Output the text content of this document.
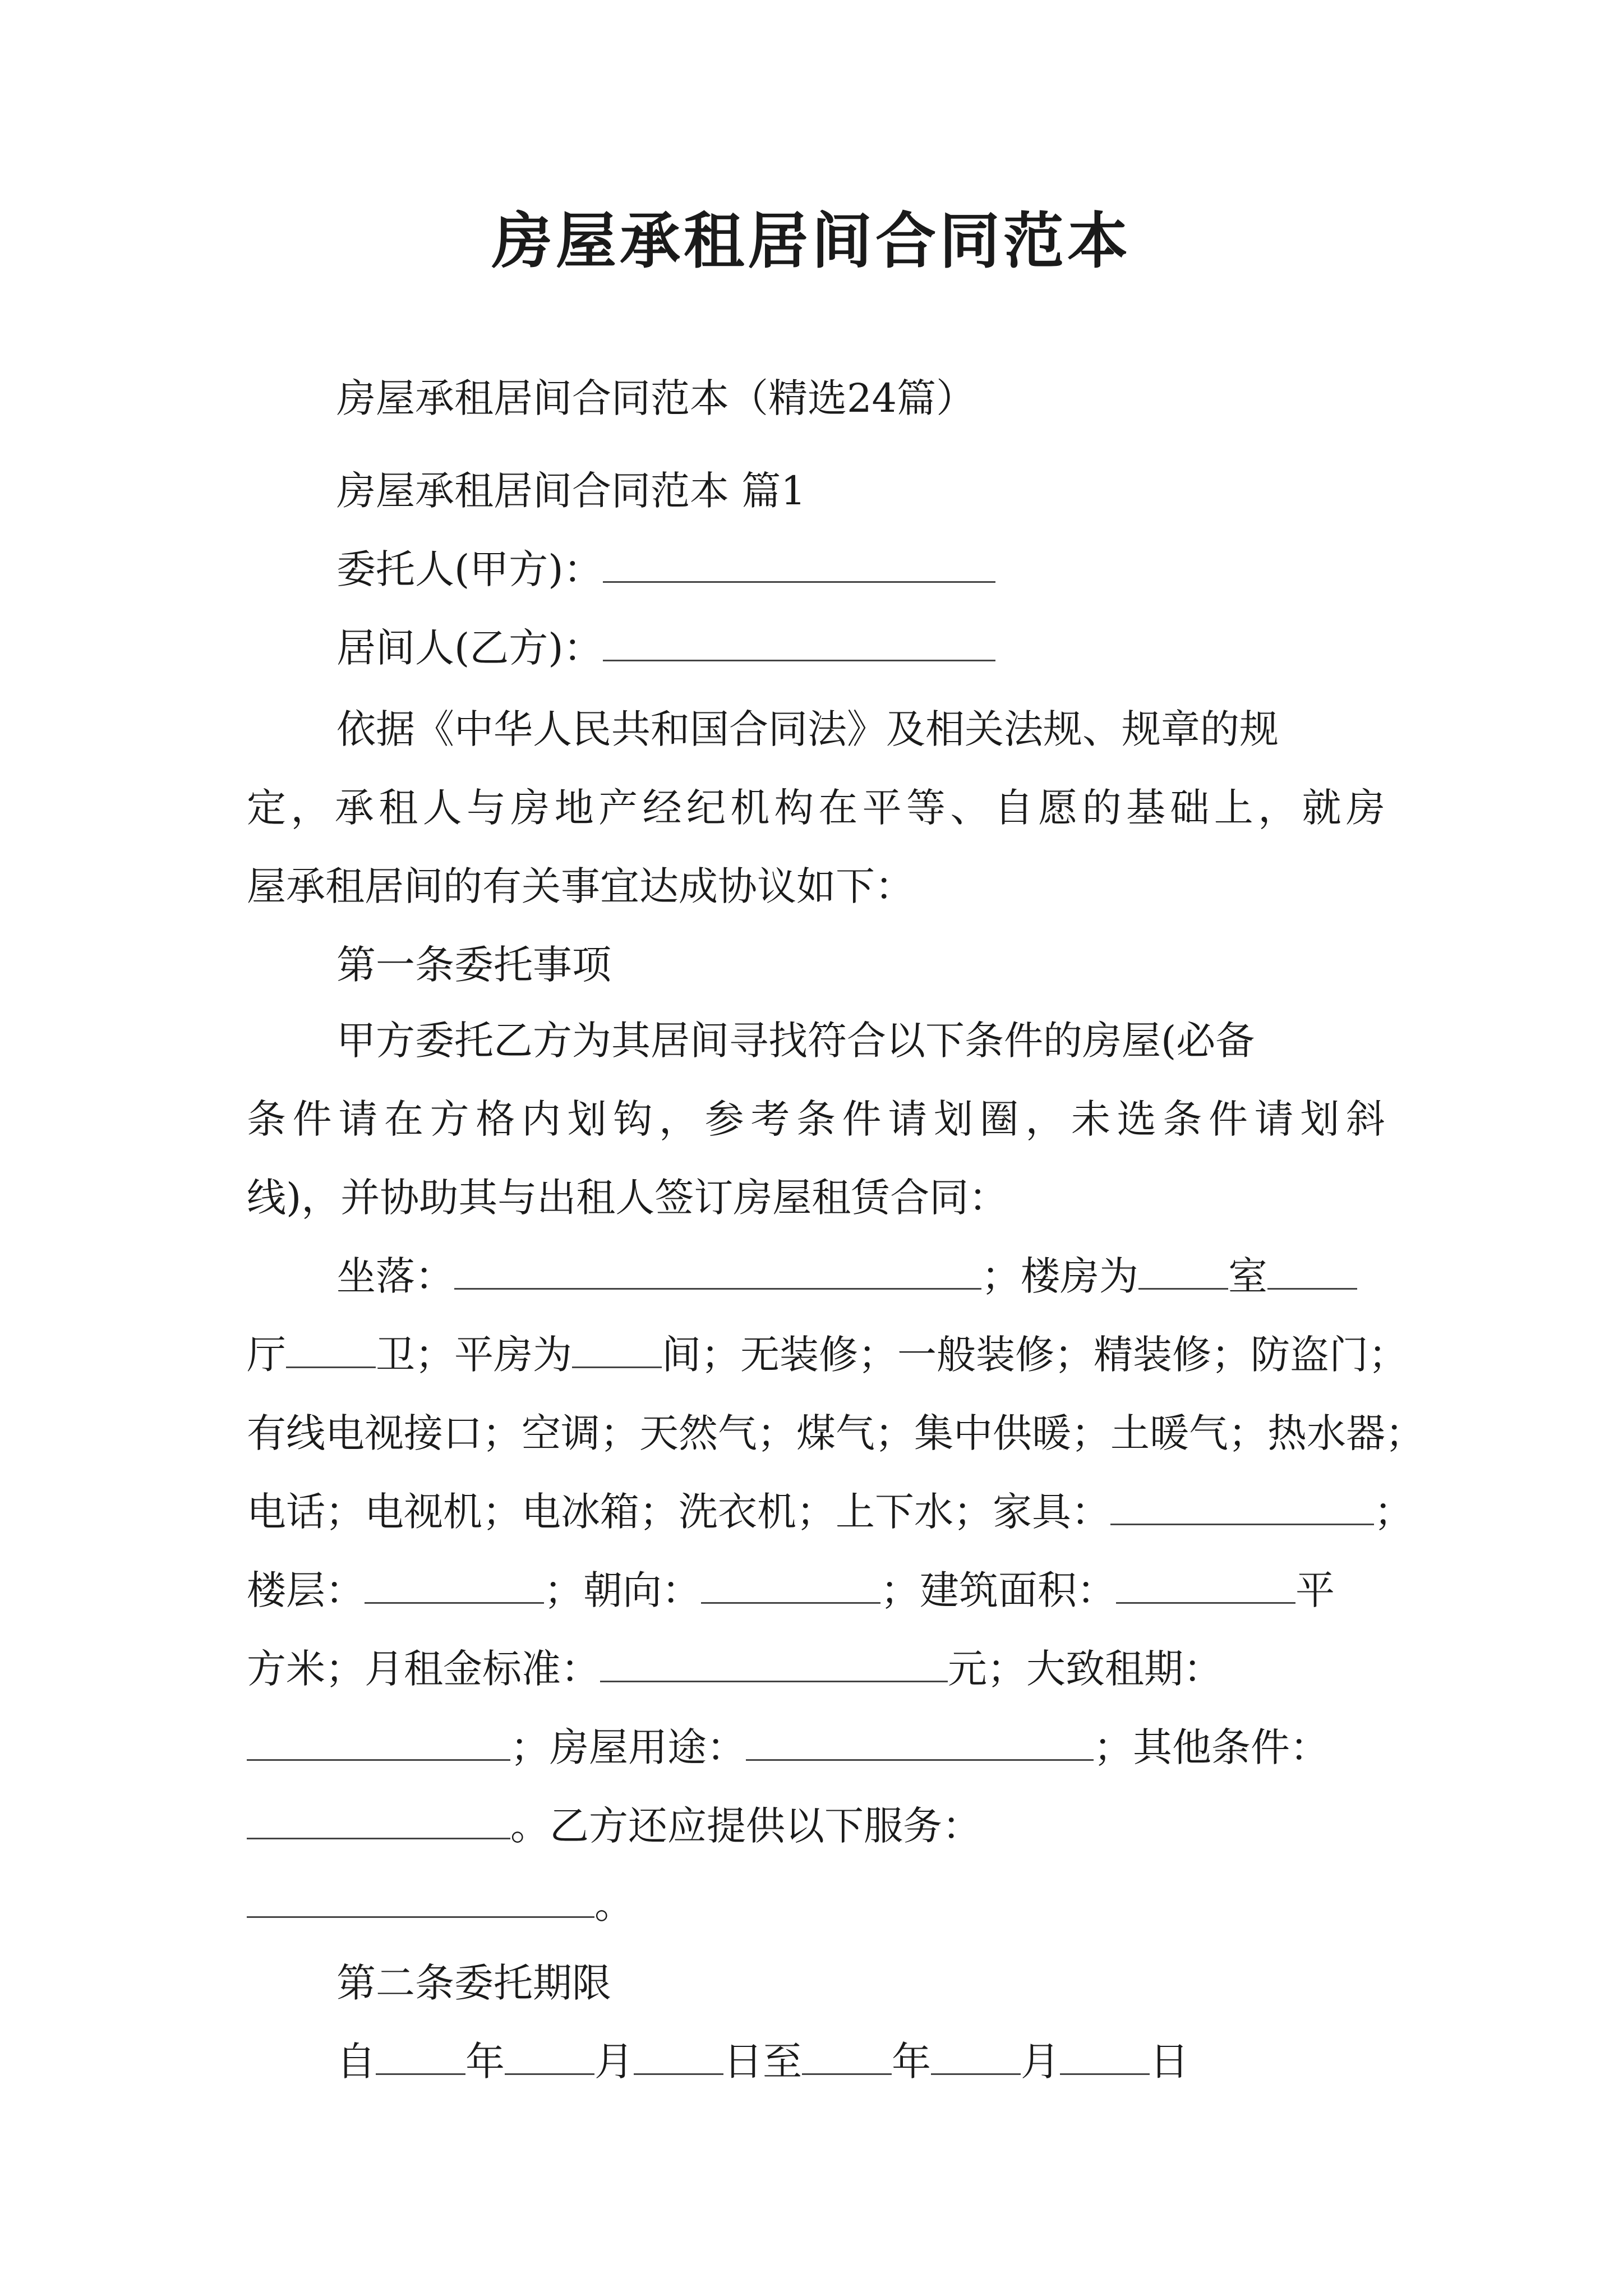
房屋承租居间合同范本
房屋承租居间合同范本（精选24篇）
房屋承租居间合同范本 篇1
委托人(甲方)：
居间人(乙方)：
依据《中华人民共和国合同法》及相关法规、规章的规
定，承租人与房地产经纪机构在平等、自愿的基础上，就房
屋承租居间的有关事宜达成协议如下：
第一条委托事项
甲方委托乙方为其居间寻找符合以下条件的房屋(必备
条件请在方格内划钩，参考条件请划圈，未选条件请划斜
线)，并协助其与出租人签订房屋租赁合同：
坐落：	；楼房为 室
厅 卫；平房为 间；无装修；一般装修；精装修；防盗门；
有线电视接口；空调；天然气；煤气；集中供暖；土暖气；热水器；
电话；电视机；电冰箱；洗衣机；上下水；家具：	；
楼层：	；朝向：	；建筑面积：	平
方米；月租金标准：	元；大致租期：
；房屋用途：	；其他条件：
。乙方还应提供以下服务：
。
第二条委托期限
自 年 月 日至 年 月 日
